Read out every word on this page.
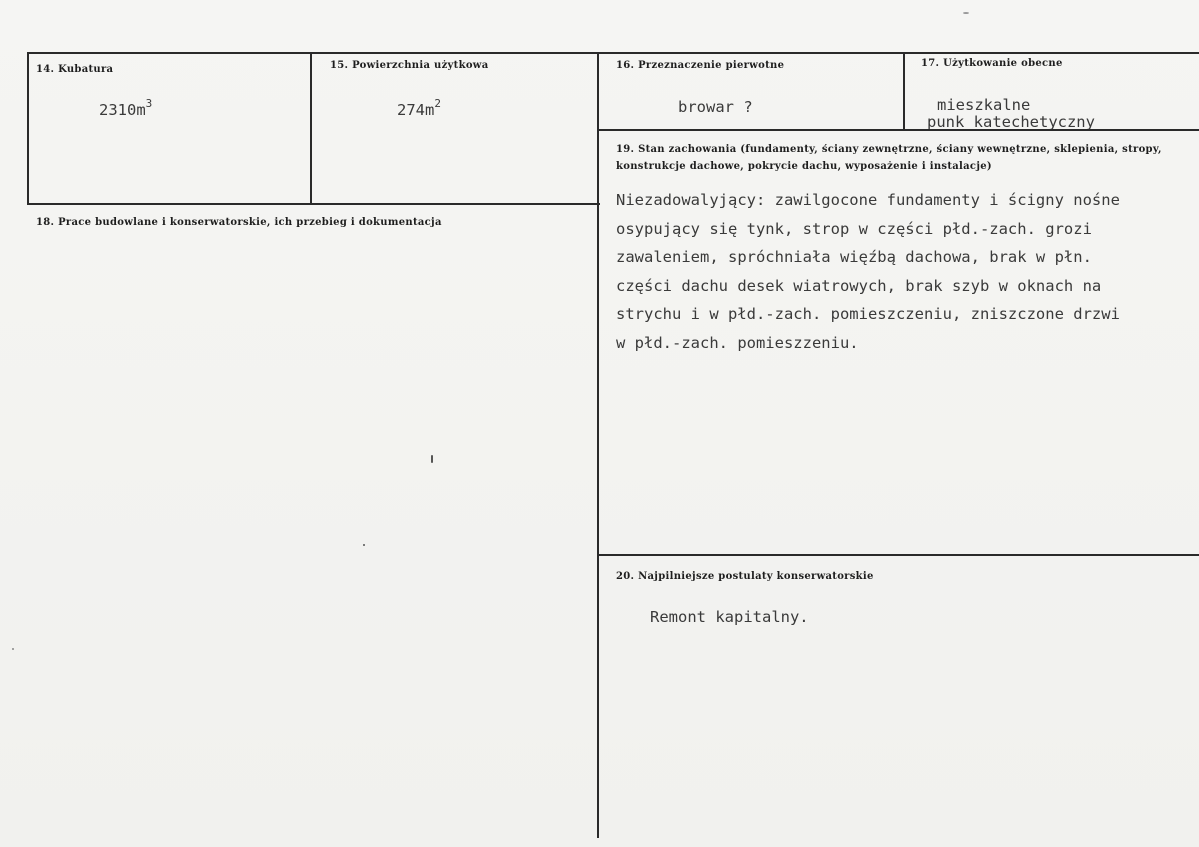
14. Kubatura
$2310m^3$
15. Powierzchnia użytkowa
$274m^2$
16. Przeznaczenie pierwotne
browar ?
17. Użytkowanie obecne
mieszkalne
punk katechetyczny
18. Prace budowlane i konserwatorskie, ich przebieg i dokumentacja
19. Stan zachowania (fundamenty, ściany zewnętrzne, ściany wewnętrzne, sklepienia, stropy, konstrukcje dachowe, pokrycie dachu, wyposażenie i instalacje)
Niezadowalyjący: zawilgocone fundamenty i ścigny nośne
osypujący się tynk, strop w części płd.-zach. grozi
zawaleniem, spróchniała więźbą dachowa, brak w płn.
części dachu desek wiatrowych, brak szyb w oknach na
strychu i w płd.-zach. pomieszczeniu, zniszczone drzwi
w płd.-zach. pomieszzeniu.
20. Najpilniejsze postulaty konserwatorskie
Remont kapitalny.
